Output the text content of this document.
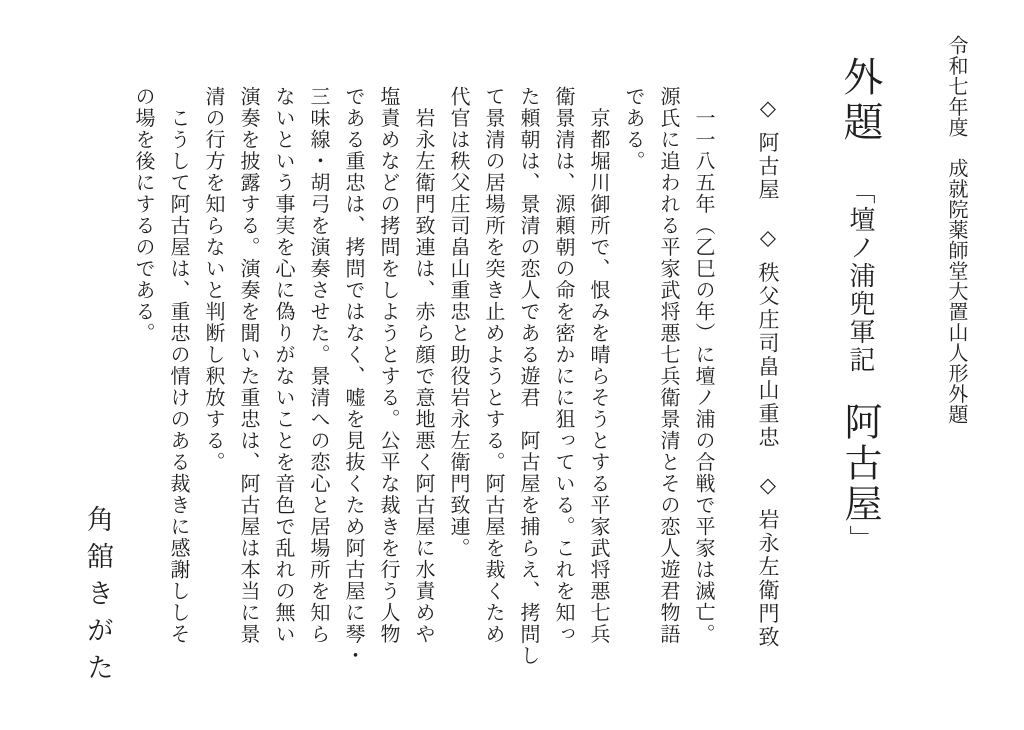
令和七年度　成就院薬師堂大置山人形外題
外題　「壇ノ浦兜軍記　阿古屋」
◇ 阿古屋　◇ 秩父庄司畠山重忠　◇ 岩永左衛門致
　一一八五年（乙巳の年）に壇ノ浦の合戦で平家は滅亡。
源氏に追われる平家武将悪七兵衛景清とその恋人遊君物語
である。
　京都堀川御所で、恨みを晴らそうとする平家武将悪七兵
衛景清は、源頼朝の命を密かにに狙っている。これを知っ
た頼朝は、景清の恋人である遊君　阿古屋を捕らえ、拷問し
て景清の居場所を突き止めようとする。阿古屋を裁くため
代官は秩父庄司畠山重忠と助役岩永左衛門致連。
　岩永左衛門致連は、赤ら顔で意地悪く阿古屋に水責めや
塩責めなどの拷問をしようとする。公平な裁きを行う人物
である重忠は、拷問ではなく、嘘を見抜くため阿古屋に琴・
三味線・胡弓を演奏させた。景清への恋心と居場所を知ら
ないという事実を心に偽りがないことを音色で乱れの無い
演奏を披露する。演奏を聞いた重忠は、阿古屋は本当に景
清の行方を知らないと判断し釈放する。
　こうして阿古屋は、重忠の情けのある裁きに感謝ししそ
の場を後にするのである。
角舘きがた
